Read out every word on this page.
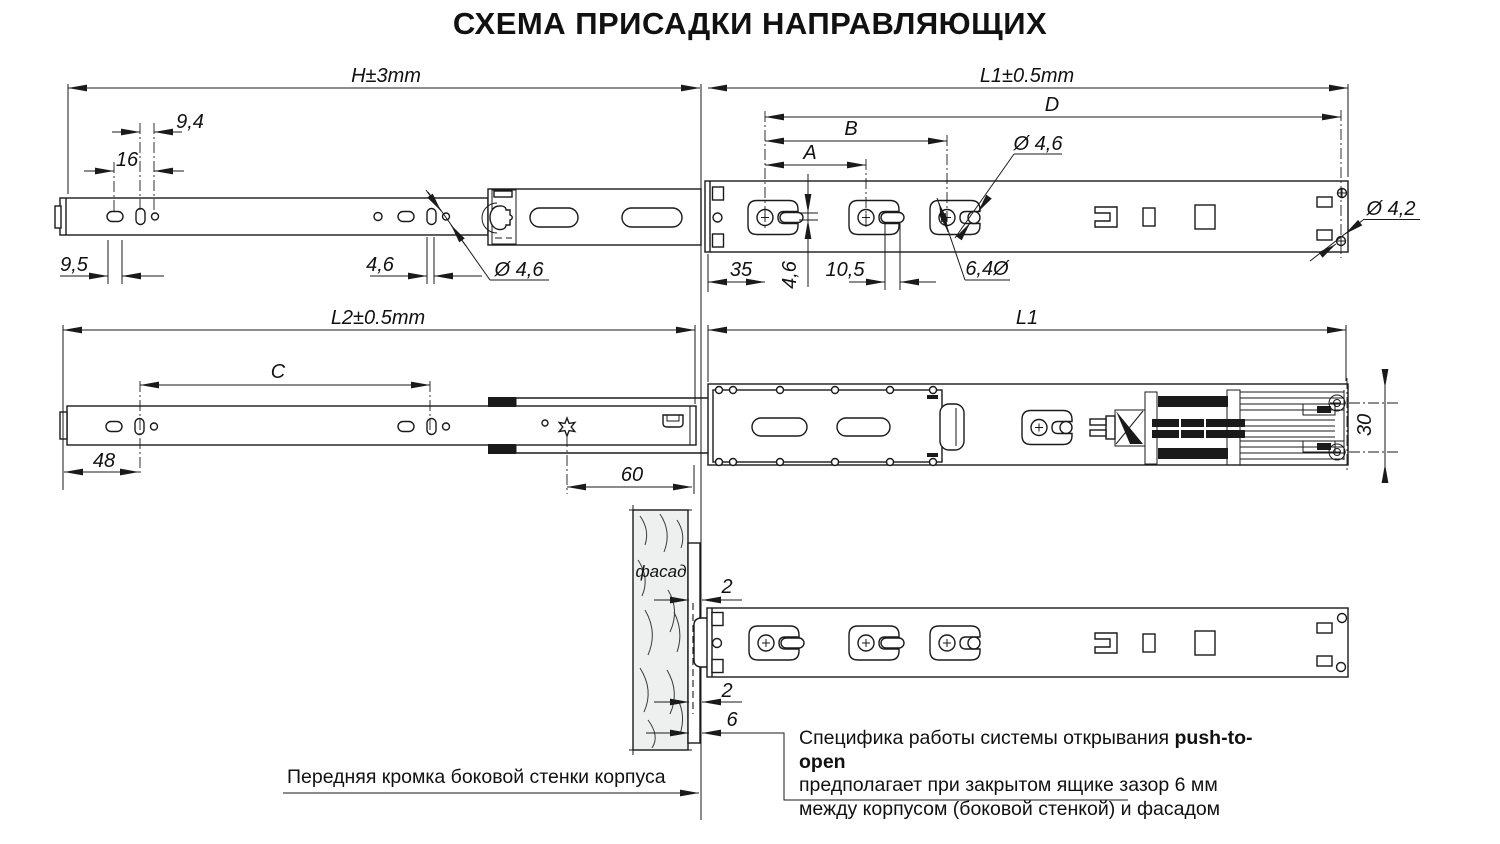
H±3mm	L1±0.5mm
D
B
A
9,4
16
9,5	4,6	Ø 4,6	35 4,6 10,5	6,4Ø
Ø 4,6
Ø 4,2
L2±0.5mm
C
48
60
L1
30
2
2
6
фасад
СХЕМА ПРИСАДКИ НАПРАВЛЯЮЩИХ
Специфика работы системы открывания push-to-open
предполагает при закрытом ящике зазор 6 мм
между корпусом (боковой стенкой) и фасадом
Передняя кромка боковой стенки корпуса
